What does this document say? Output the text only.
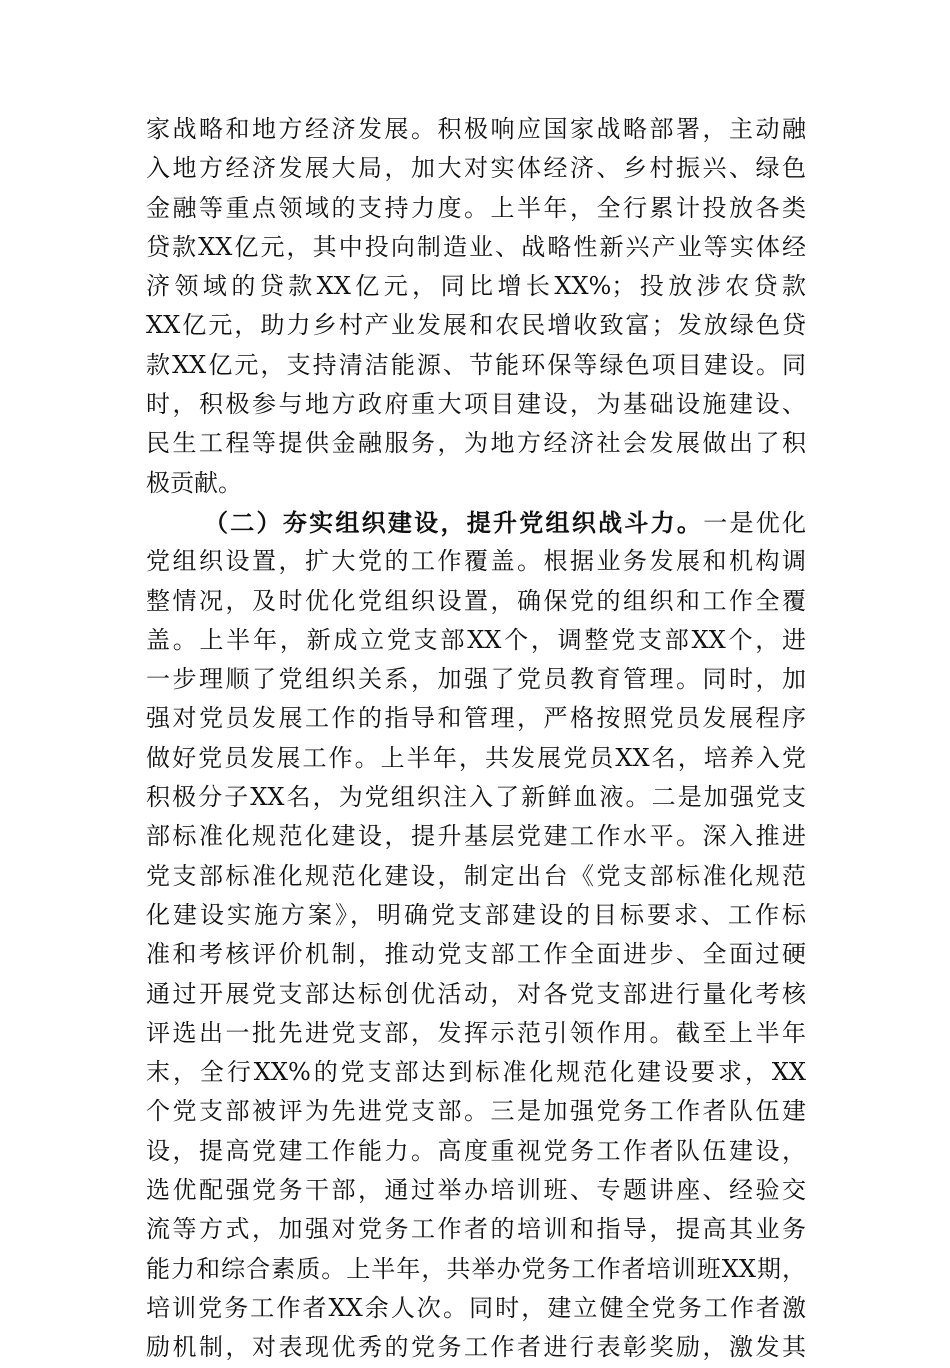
家战略和地方经济发展。积极响应国家战略部署，主动融
入地方经济发展大局，加大对实体经济、乡村振兴、绿色
金融等重点领域的支持力度。上半年，全行累计投放各类
贷款XX亿元，其中投向制造业、战略性新兴产业等实体经
济领域的贷款XX亿元，同比增长XX%；投放涉农贷款
XX亿元，助力乡村产业发展和农民增收致富；发放绿色贷
款XX亿元，支持清洁能源、节能环保等绿色项目建设。同
时，积极参与地方政府重大项目建设，为基础设施建设、
民生工程等提供金融服务，为地方经济社会发展做出了积
极贡献。
（二）夯实组织建设，提升党组织战斗力。一是优化
党组织设置，扩大党的工作覆盖。根据业务发展和机构调
整情况，及时优化党组织设置，确保党的组织和工作全覆
盖。上半年，新成立党支部XX个，调整党支部XX个，进
一步理顺了党组织关系，加强了党员教育管理。同时，加
强对党员发展工作的指导和管理，严格按照党员发展程序
做好党员发展工作。上半年，共发展党员XX名，培养入党
积极分子XX名，为党组织注入了新鲜血液。二是加强党支
部标准化规范化建设，提升基层党建工作水平。深入推进
党支部标准化规范化建设，制定出台《党支部标准化规范
化建设实施方案》，明确党支部建设的目标要求、工作标
准和考核评价机制，推动党支部工作全面进步、全面过硬
通过开展党支部达标创优活动，对各党支部进行量化考核
评选出一批先进党支部，发挥示范引领作用。截至上半年
末，全行XX%的党支部达到标准化规范化建设要求，XX
个党支部被评为先进党支部。三是加强党务工作者队伍建
设，提高党建工作能力。高度重视党务工作者队伍建设，
选优配强党务干部，通过举办培训班、专题讲座、经验交
流等方式，加强对党务工作者的培训和指导，提高其业务
能力和综合素质。上半年，共举办党务工作者培训班XX期，
培训党务工作者XX余人次。同时，建立健全党务工作者激
励机制，对表现优秀的党务工作者进行表彰奖励，激发其
